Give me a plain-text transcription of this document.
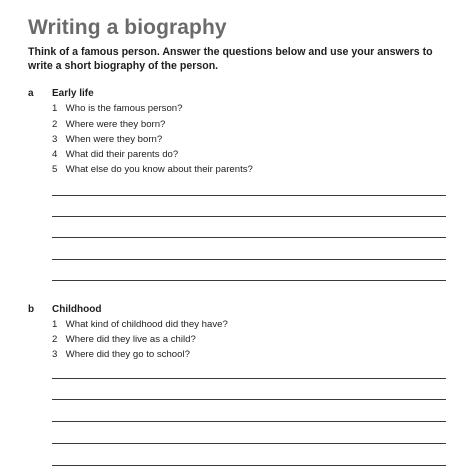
Writing a biography
Think of a famous person. Answer the questions below and use your answers to write a short biography of the person.
a Early life
1 Who is the famous person?
2 Where were they born?
3 When were they born?
4 What did their parents do?
5 What else do you know about their parents?
b Childhood
1 What kind of childhood did they have?
2 Where did they live as a child?
3 Where did they go to school?
